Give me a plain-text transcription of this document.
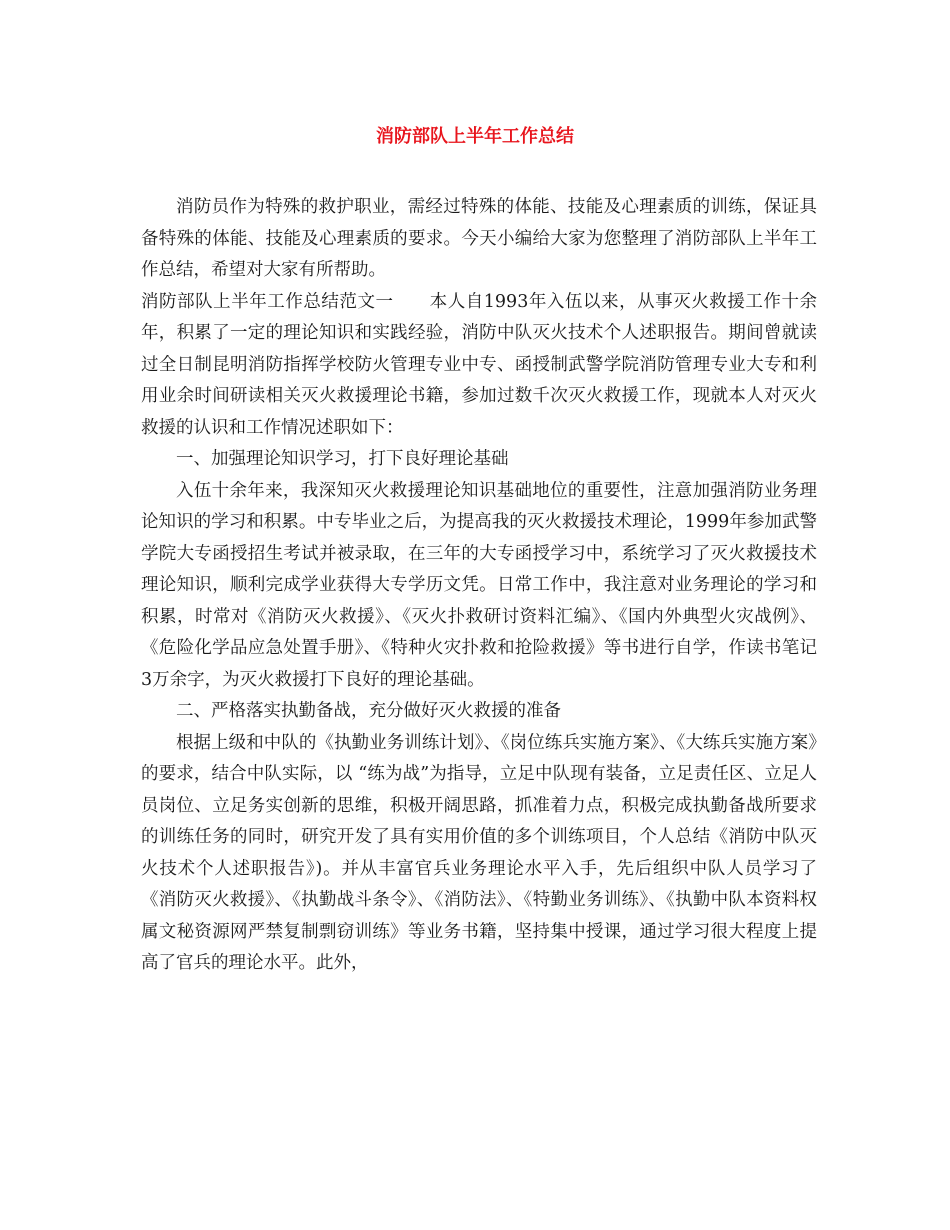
消防部队上半年工作总结

消防员作为特殊的救护职业，需经过特殊的体能、技能及心理素质的训练，保证具备特殊的体能、技能及心理素质的要求。今天小编给大家为您整理了消防部队上半年工作总结，希望对大家有所帮助。

消防部队上半年工作总结范文一　　本人自1993年入伍以来，从事灭火救援工作十余年，积累了一定的理论知识和实践经验，消防中队灭火技术个人述职报告。期间曾就读过全日制昆明消防指挥学校防火管理专业中专、函授制武警学院消防管理专业大专和利用业余时间研读相关灭火救援理论书籍，参加过数千次灭火救援工作，现就本人对灭火救援的认识和工作情况述职如下：

一、加强理论知识学习，打下良好理论基础

入伍十余年来，我深知灭火救援理论知识基础地位的重要性，注意加强消防业务理论知识的学习和积累。中专毕业之后，为提高我的灭火救援技术理论，1999年参加武警学院大专函授招生考试并被录取，在三年的大专函授学习中，系统学习了灭火救援技术理论知识，顺利完成学业获得大专学历文凭。日常工作中，我注意对业务理论的学习和积累，时常对《消防灭火救援》、《灭火扑救研讨资料汇编》、《国内外典型火灾战例》、《危险化学品应急处置手册》、《特种火灾扑救和抢险救援》等书进行自学，作读书笔记3万余字，为灭火救援打下良好的理论基础。

二、严格落实执勤备战，充分做好灭火救援的准备

根据上级和中队的《执勤业务训练计划》、《岗位练兵实施方案》、《大练兵实施方案》的要求，结合中队实际，以 “练为战”为指导，立足中队现有装备，立足责任区、立足人员岗位、立足务实创新的思维，积极开阔思路，抓准着力点，积极完成执勤备战所要求的训练任务的同时，研究开发了具有实用价值的多个训练项目，个人总结《消防中队灭火技术个人述职报告》)。并从丰富官兵业务理论水平入手，先后组织中队人员学习了《消防灭火救援》、《执勤战斗条令》、《消防法》、《特勤业务训练》、《执勤中队本资料权属文秘资源网严禁复制剽窃训练》等业务书籍，坚持集中授课，通过学习很大程度上提高了官兵的理论水平。此外，
